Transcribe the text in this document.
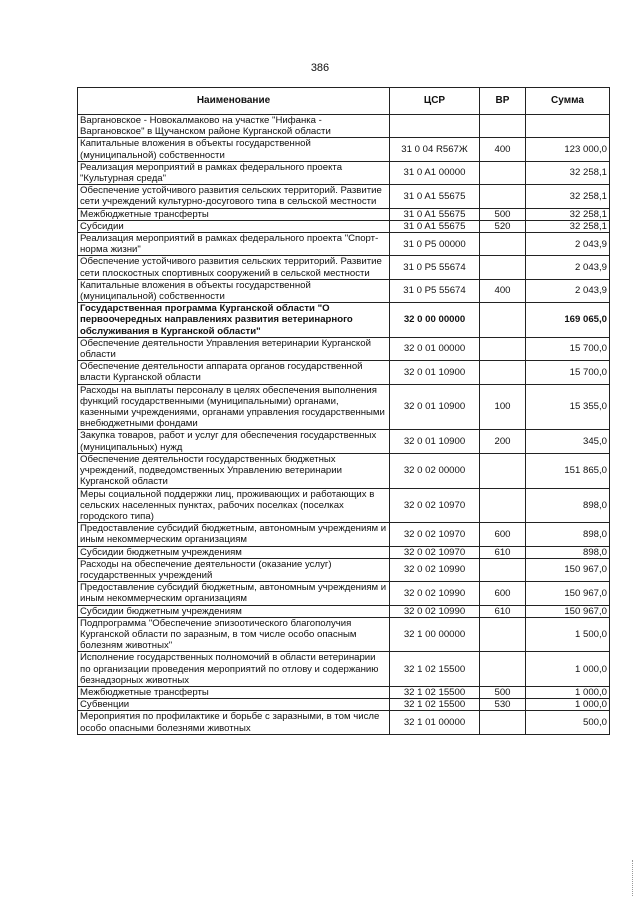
386
Наименование	ЦСР	ВР	Сумма
Варгановское - Новокалмаково на участке "Нифанка - Варгановское" в Щучанском районе Курганской области			
Капитальные вложения в объекты государственной (муниципальной) собственности	31 0 04 R567Ж	400	123 000,0
Реализация мероприятий в рамках федерального проекта "Культурная среда"	31 0 A1 00000		32 258,1
Обеспечение устойчивого развития сельских территорий. Развитие сети учреждений культурно-досугового типа в сельской местности	31 0 A1 55675		32 258,1
Межбюджетные трансферты	31 0 A1 55675	500	32 258,1
Субсидии	31 0 A1 55675	520	32 258,1
Реализация мероприятий в рамках федерального проекта "Спорт-норма жизни"	31 0 P5 00000		2 043,9
Обеспечение устойчивого развития сельских территорий. Развитие сети плоскостных спортивных сооружений в сельской местности	31 0 P5 55674		2 043,9
Капитальные вложения в объекты государственной (муниципальной) собственности	31 0 P5 55674	400	2 043,9
Государственная программа Курганской области "О первоочередных направлениях развития ветеринарного обслуживания в Курганской области"	32 0 00 00000		169 065,0
Обеспечение деятельности Управления ветеринарии Курганской области	32 0 01 00000		15 700,0
Обеспечение деятельности аппарата органов государственной власти Курганской области	32 0 01 10900		15 700,0
Расходы на выплаты персоналу в целях обеспечения выполнения функций государственными (муниципальными) органами, казенными учреждениями, органами управления государственными внебюджетными фондами	32 0 01 10900	100	15 355,0
Закупка товаров, работ и услуг для обеспечения государственных (муниципальных) нужд	32 0 01 10900	200	345,0
Обеспечение деятельности государственных бюджетных учреждений, подведомственных Управлению ветеринарии Курганской области	32 0 02 00000		151 865,0
Меры социальной поддержки лиц, проживающих и работающих в сельских населенных пунктах, рабочих поселках (поселках городского типа)	32 0 02 10970		898,0
Предоставление субсидий бюджетным, автономным учреждениям и иным некоммерческим организациям	32 0 02 10970	600	898,0
Субсидии бюджетным учреждениям	32 0 02 10970	610	898,0
Расходы на обеспечение деятельности (оказание услуг) государственных учреждений	32 0 02 10990		150 967,0
Предоставление субсидий бюджетным, автономным учреждениям и иным некоммерческим организациям	32 0 02 10990	600	150 967,0
Субсидии бюджетным учреждениям	32 0 02 10990	610	150 967,0
Подпрограмма "Обеспечение эпизоотического благополучия Курганской области по заразным, в том числе особо опасным болезням животных"	32 1 00 00000		1 500,0
Исполнение государственных полномочий в области ветеринарии по организации проведения мероприятий по отлову и содержанию безнадзорных животных	32 1 02 15500		1 000,0
Межбюджетные трансферты	32 1 02 15500	500	1 000,0
Субвенции	32 1 02 15500	530	1 000,0
Мероприятия по профилактике и борьбе с заразными, в том числе особо опасными болезнями животных	32 1 01 00000		500,0
